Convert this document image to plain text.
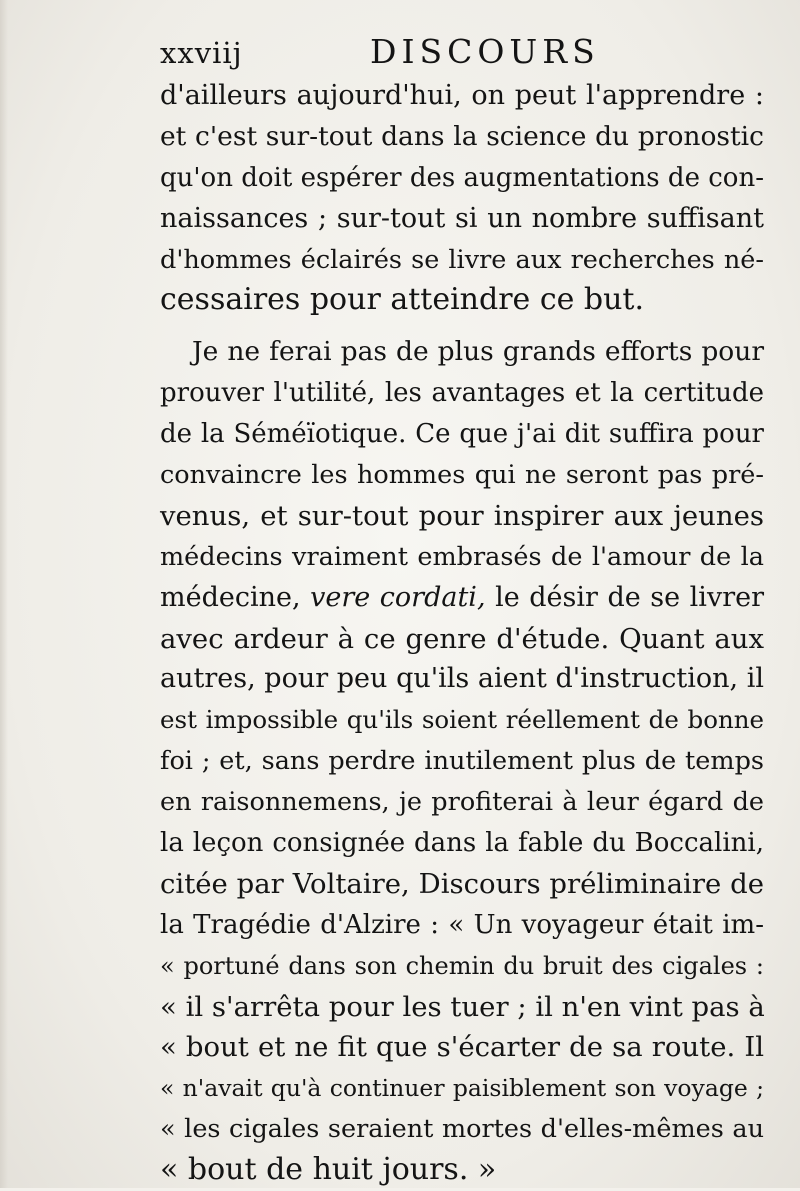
xxviij	DISCOURS
d'ailleurs aujourd'hui, on peut l'apprendre :
et c'est sur-tout dans la science du pronostic
qu'on doit espérer des augmentations de con-
naissances ; sur-tout si un nombre suffisant
d'hommes éclairés se livre aux recherches né-
cessaires pour atteindre ce but.
Je ne ferai pas de plus grands efforts pour
prouver l'utilité, les avantages et la certitude
de la Séméïotique. Ce que j'ai dit suffira pour
convaincre les hommes qui ne seront pas pré-
venus, et sur-tout pour inspirer aux jeunes
médecins vraiment embrasés de l'amour de la
médecine, vere cordati, le désir de se livrer
avec ardeur à ce genre d'étude. Quant aux
autres, pour peu qu'ils aient d'instruction, il
est impossible qu'ils soient réellement de bonne
foi ; et, sans perdre inutilement plus de temps
en raisonnemens, je profiterai à leur égard de
la leçon consignée dans la fable du Boccalini,
citée par Voltaire, Discours préliminaire de
la Tragédie d'Alzire : « Un voyageur était im-
« portuné dans son chemin du bruit des cigales :
« il s'arrêta pour les tuer ; il n'en vint pas à
« bout et ne fit que s'écarter de sa route. Il
« n'avait qu'à continuer paisiblement son voyage ;
« les cigales seraient mortes d'elles-mêmes au
« bout de huit jours. »
